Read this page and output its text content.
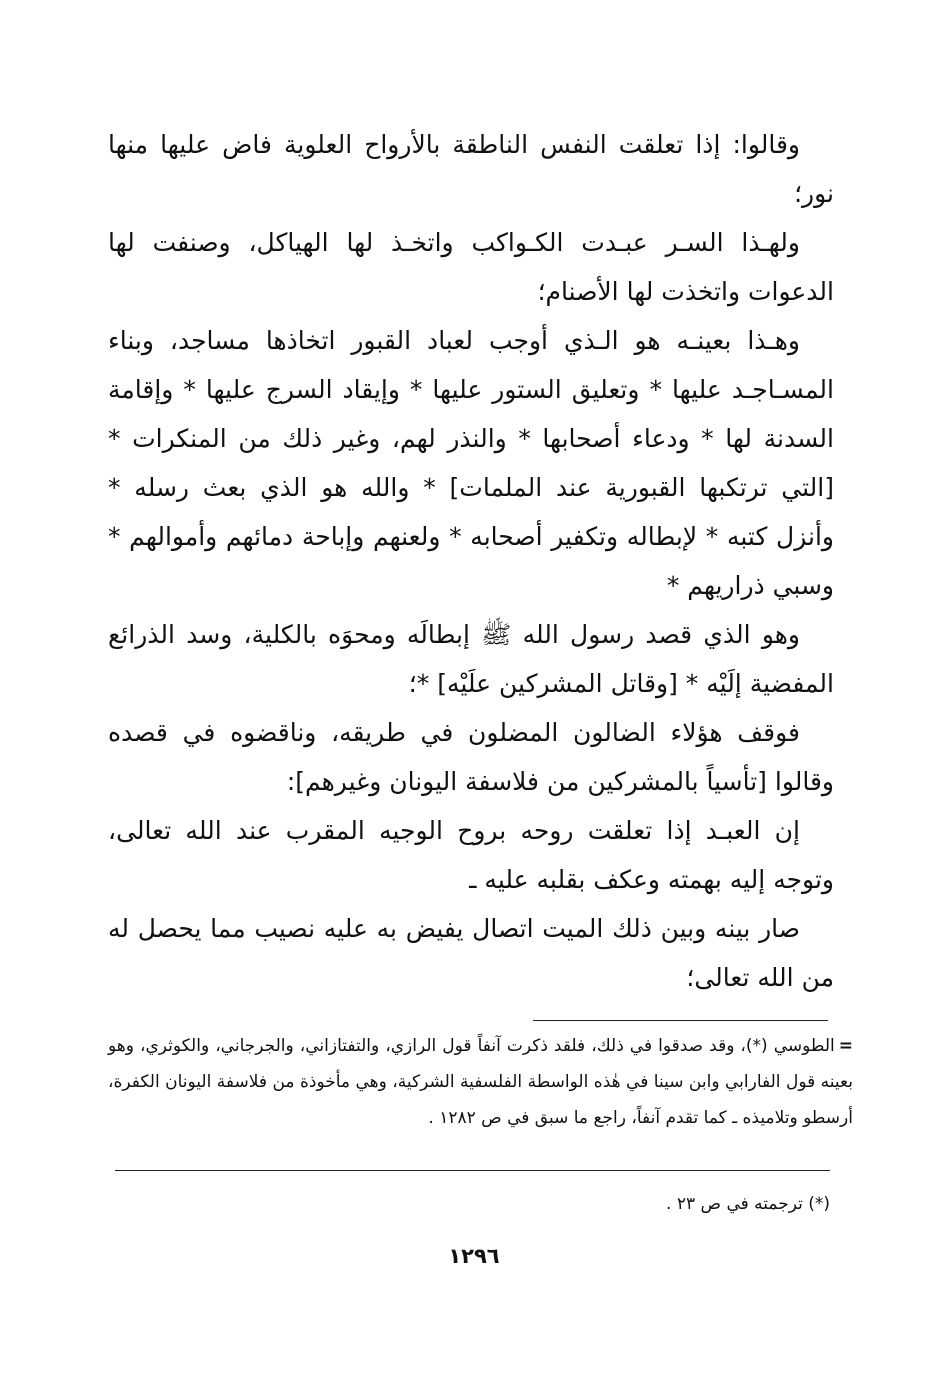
وقالوا: إذا تعلقت النفس الناطقة بالأرواح العلوية فاض عليها منها نور؛

ولهـذا السـر عبـدت الكـواكب واتخـذ لها الهياكل، وصنفت لها الدعوات واتخذت لها الأصنام؛

وهـذا بعينـه هو الـذي أوجب لعباد القبور اتخاذها مساجد، وبناء المسـاجـد عليها * وتعليق الستور عليها * وإيقاد السرج عليها * وإقامة السدنة لها * ودعاء أصحابها * والنذر لهم، وغير ذلك من المنكرات * [التي ترتكبها القبورية عند الملمات] * والله هو الذي بعث رسله * وأنزل كتبه * لإبطاله وتكفير أصحابه * ولعنهم وإباحة دمائهم وأموالهم * وسبي ذراريهم *

وهو الذي قصد رسول الله ﷺ إبطالَه ومحوَه بالكلية، وسد الذرائع المفضية إلَيْه * [وقاتل المشركين علَيْه] *؛

فوقف هؤلاء الضالون المضلون في طريقه، وناقضوه في قصده وقالوا [تأسياً بالمشركين من فلاسفة اليونان وغيرهم]:

إن العبـد إذا تعلقت روحه بروح الوجيه المقرب عند الله تعالى، وتوجه إليه بهمته وعكف بقلبه عليه ـ

صار بينه وبين ذلك الميت اتصال يفيض به عليه نصيب مما يحصل له من الله تعالى؛

=الطوسي (*)، وقد صدقوا في ذلك، فلقد ذكرت آنفاً قول الرازي، والتفتازاني، والجرجاني، والكوثري، وهو بعينه قول الفارابي وابن سينا في هٰذه الواسطة الفلسفية الشركية، وهي مأخوذة من فلاسفة اليونان الكفرة، أرسطو وتلاميذه ـ كما تقدم آنفاً، راجع ما سبق في ص ١٢٨٢ .
(*) ترجمته في ص ٢٣ .
١٢٩٦
